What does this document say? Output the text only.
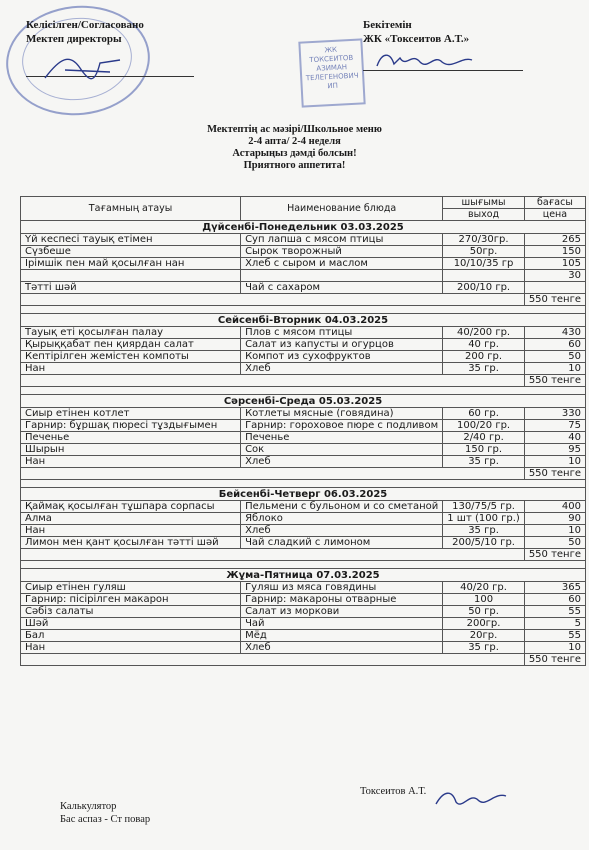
Келісілген/Согласовано
Мектеп директоры
ЖК
ТОКСЕИТОВ
АЗИМАН
ТЕЛЕГЕНОВИЧ
ИП
Бекітемін
ЖК «Токсеитов А.Т.»
Мектептің ас мәзірі/Школьное меню
2-4 апта/ 2-4 неделя
Астарыңыз дәмді болсын!
Приятного аппетита!
Тағамның атауы	Наименование блюда	шығымы	бағасы
		выход	цена
Дүйсенбі-Понедельник 03.03.2025			
Үй кеспесі тауық етімен	Суп лапша с мясом птицы	270/30гр.	265
Сүзбеше	Сырок творожный	50гр.	150
Ірімшік пен май қосылған нан	Хлеб с сыром и маслом	10/10/35 гр	105
			30
Тәтті шәй	Чай с сахаром	200/10 гр.	
			550 тенге

Сейсенбі-Вторник 04.03.2025			
Тауық еті қосылған палау	Плов с мясом птицы	40/200 гр.	430
Қырыққабат пен қиярдан салат	Салат из капусты и огурцов	40 гр.	60
Кептірілген жемістен компоты	Компот из сухофруктов	200 гр.	50
Нан	Хлеб	35 гр.	10
			550 тенге

Сәрсенбі-Среда 05.03.2025			
Сиыр етінен котлет	Котлеты мясные (говядина)	60 гр.	330
Гарнир: бұршақ пюресі тұздығымен	Гарнир: гороховое пюре с подливом	100/20 гр.	75
Печенье	Печенье	2/40 гр.	40
Шырын	Сок	150 гр.	95
Нан	Хлеб	35 гр.	10
			550 тенге

Бейсенбі-Четверг 06.03.2025			
Қаймақ қосылған тұшпара сорпасы	Пельмени с бульоном и со сметаной	130/75/5 гр.	400
Алма	Яблоко	1 шт (100 гр.)	90
Нан	Хлеб	35 гр.	10
Лимон мен қант қосылған тәтті шәй	Чай сладкий с лимоном	200/5/10 гр.	50
			550 тенге

Жұма-Пятница 07.03.2025			
Сиыр етінен гуляш	Гуляш из мяса говядины	40/20 гр.	365
Гарнир: пісірілген макарон	Гарнир: макароны отварные	100	60
Сәбіз салаты	Салат из моркови	50 гр.	55
Шәй	Чай	200гр.	5
Бал	Мёд	20гр.	55
Нан	Хлеб	35 гр.	10
			550 тенге
Токсеитов А.Т.
Калькулятор
Бас аспаз - Ст повар
